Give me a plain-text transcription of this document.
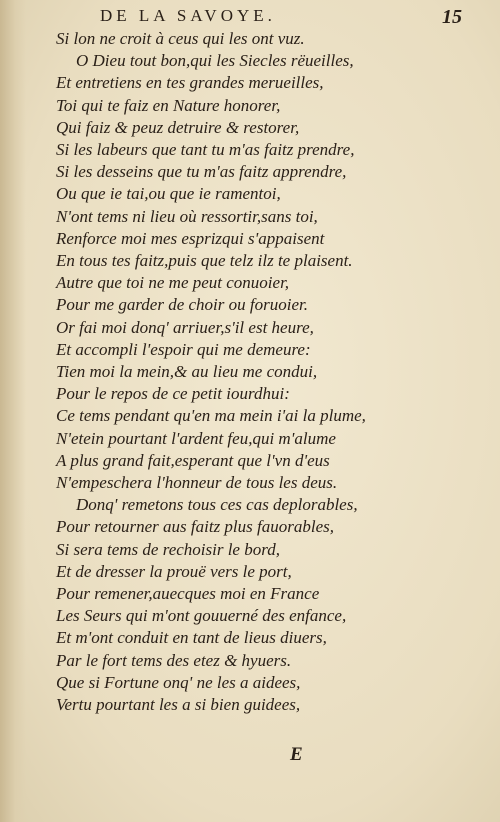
DE LA SAVOYE.	15
Si lon ne croit à ceus qui les ont vuz.
O Dieu tout bon,qui les Siecles rëueilles,
Et entretiens en tes grandes merueilles,
Toi qui te faiz en Nature honorer,
Qui faiz & peuz detruire & restorer,
Si les labeurs que tant tu m'as faitz prendre,
Si les desseins que tu m'as faitz apprendre,
Ou que ie tai,ou que ie ramentoi,
N'ont tems ni lieu où ressortir,sans toi,
Renforce moi mes esprizqui s'appaisent
En tous tes faitz,puis que telz ilz te plaisent.
Autre que toi ne me peut conuoier,
Pour me garder de choir ou foruoier.
Or fai moi donq' arriuer,s'il est heure,
Et accompli l'espoir qui me demeure:
Tien moi la mein,& au lieu me condui,
Pour le repos de ce petit iourdhui:
Ce tems pendant qu'en ma mein i'ai la plume,
N'etein pourtant l'ardent feu,qui m'alume
A plus grand fait,esperant que l'vn d'eus
N'empeschera l'honneur de tous les deus.
Donq' remetons tous ces cas deplorables,
Pour retourner aus faitz plus fauorables,
Si sera tems de rechoisir le bord,
Et de dresser la prouë vers le port,
Pour remener,auecques moi en France
Les Seurs qui m'ont gouuerné des enfance,
Et m'ont conduit en tant de lieus diuers,
Par le fort tems des etez & hyuers.
Que si Fortune onq' ne les a aidees,
Vertu pourtant les a si bien guidees,
E
